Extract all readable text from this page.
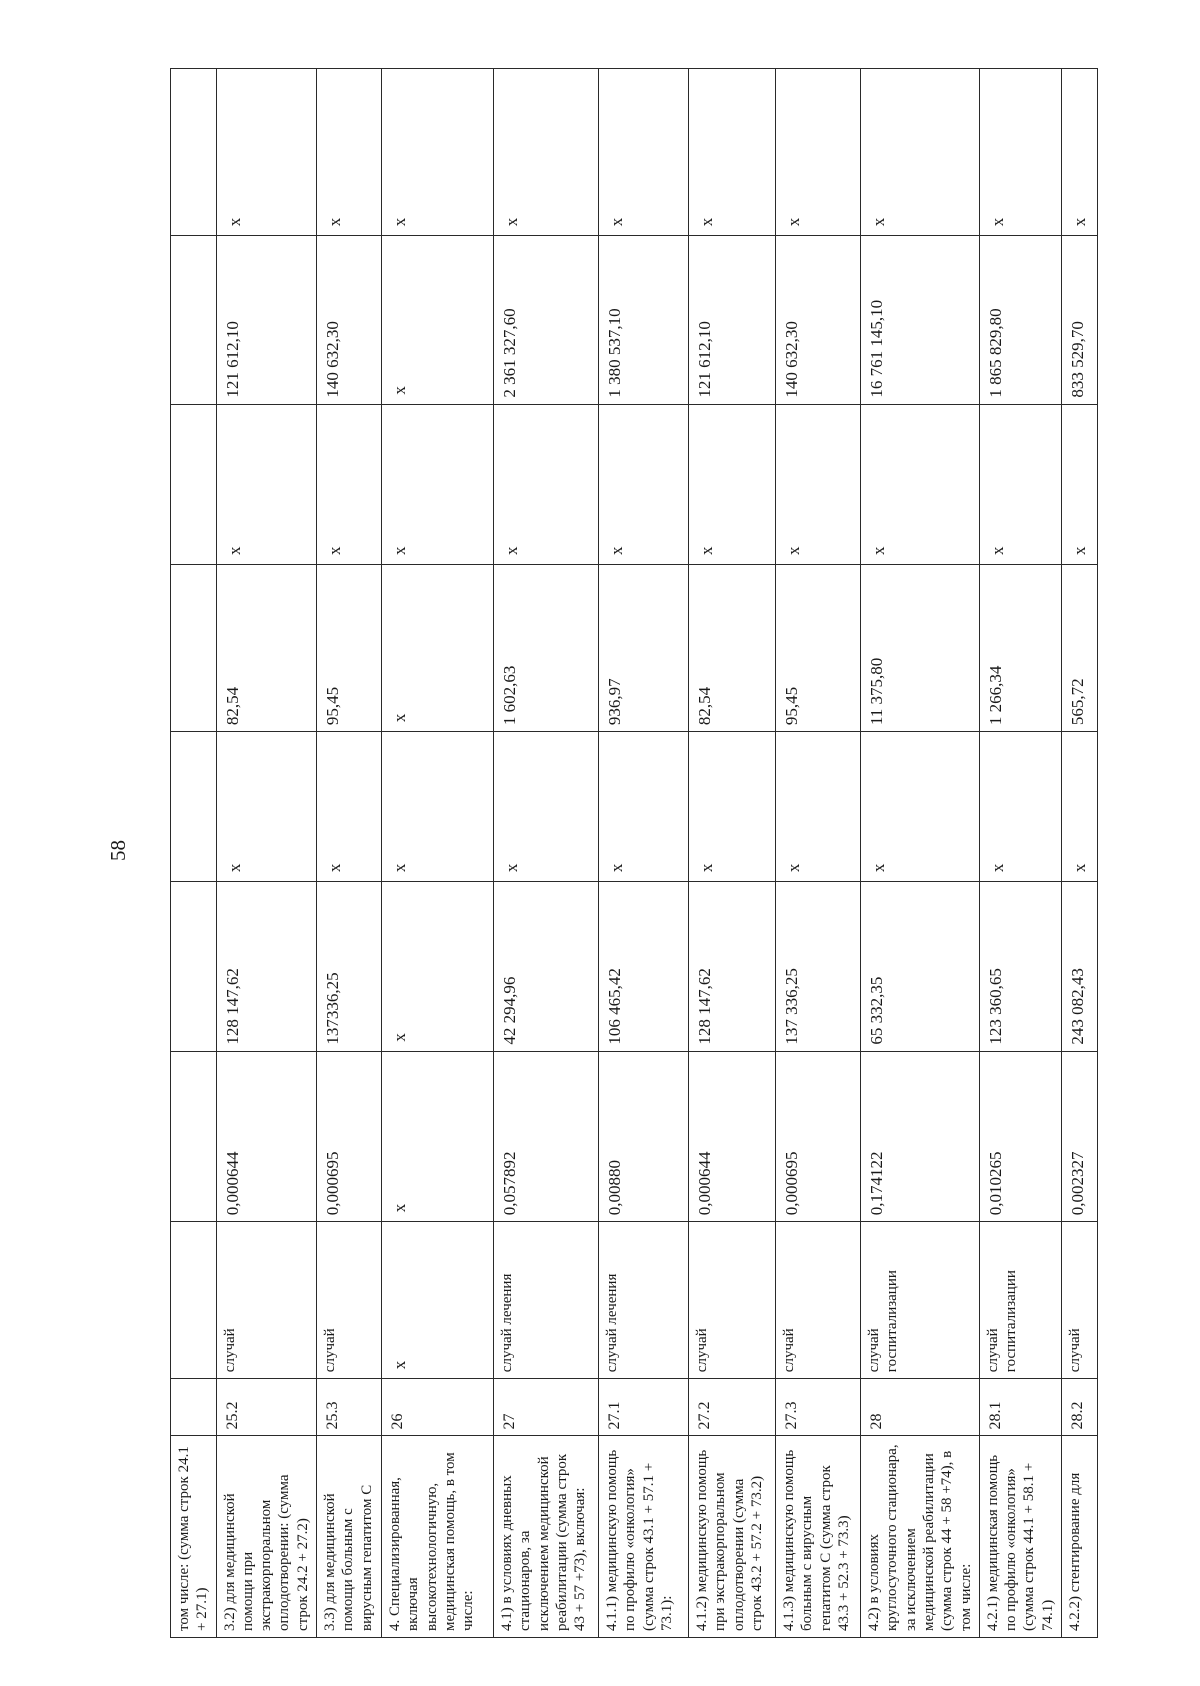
58
том числе: (сумма строк 24.1 + 27.1)									
3.2) для медицинской помощи при экстракорпоральном оплодотворении: (сумма строк 24.2 + 27.2)	25.2	случай	0,000644	128 147,62	x	82,54	x	121 612,10	x
3.3) для медицинской помощи больным с вирусным гепатитом С	25.3	случай	0,000695	137336,25	x	95,45	x	140 632,30	x
4. Специализированная, включая высокотехнологичную, медицинская помощь, в том числе:	26	x	x	x	x	x	x	x	x
4.1) в условиях дневных стационаров, за исключением медицинской реабилитации (сумма строк 43 + 57 +73), включая:	27	случай лечения	0,057892	42 294,96	x	1 602,63	x	2 361 327,60	x
4.1.1) медицинскую помощь по профилю «онкология» (сумма строк 43.1 + 57.1 + 73.1):	27.1	случай лечения	0,00880	106 465,42	x	936,97	x	1 380 537,10	x
4.1.2) медицинскую помощь при экстракорпоральном оплодотворении (сумма строк 43.2 + 57.2 + 73.2)	27.2	случай	0,000644	128 147,62	x	82,54	x	121 612,10	x
4.1.3) медицинскую помощь больным с вирусным гепатитом С (сумма строк 43.3 + 52.3 + 73.3)	27.3	случай	0,000695	137 336,25	x	95,45	x	140 632,30	x
4.2) в условиях круглосуточного стационара, за исключением медицинской реабилитации (сумма строк 44 + 58 +74), в том числе:	28	случай госпитализации	0,174122	65 332,35	x	11 375,80	x	16 761 145,10	x
4.2.1) медицинская помощь по профилю «онкология» (сумма строк 44.1 + 58.1 + 74.1)	28.1	случай госпитализации	0,010265	123 360,65	x	1 266,34	x	1 865 829,80	x
4.2.2) стентирование для	28.2	случай	0,002327	243 082,43	x	565,72	x	833 529,70	x
